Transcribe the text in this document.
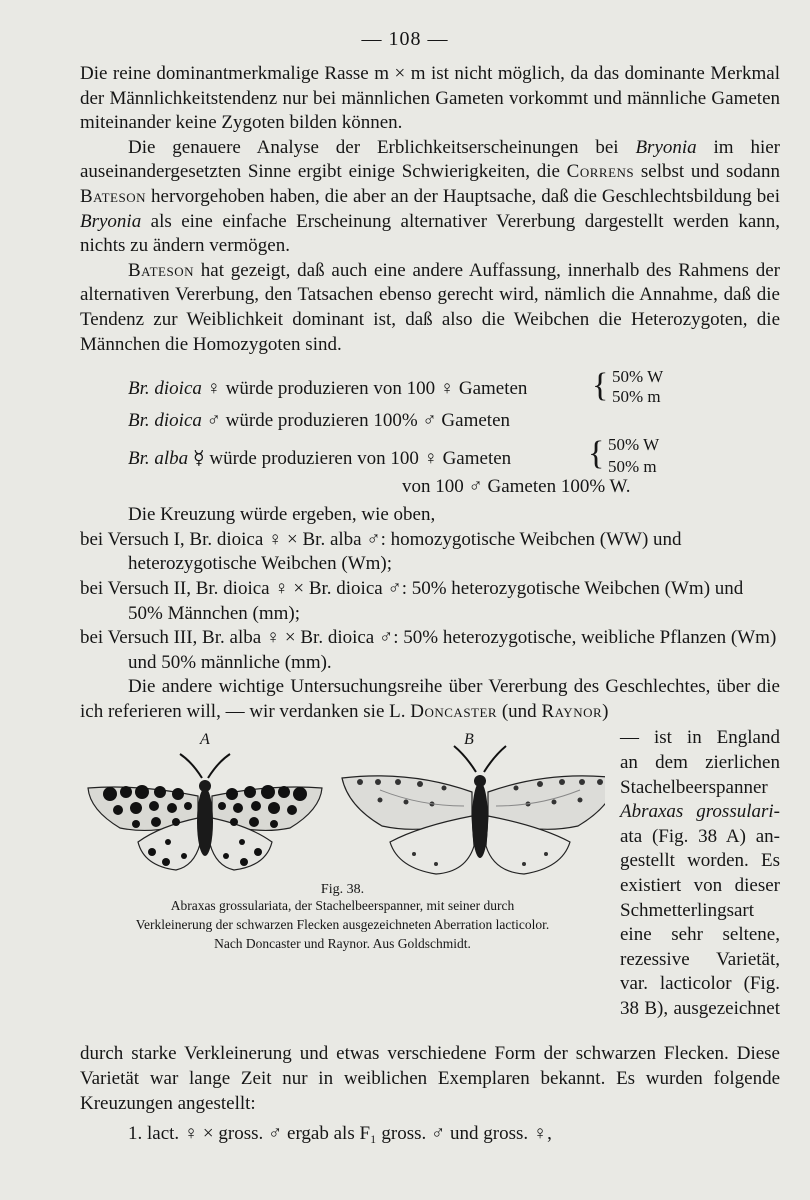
— 108 —

Die reine dominantmerkmalige Rasse m × m ist nicht möglich, da das dominante Merkmal der Männlichkeitstendenz nur bei männlichen Gameten vorkommt und männliche Gameten miteinander keine Zygoten bilden können.

Die genauere Analyse der Erblichkeitserscheinungen bei Bryonia im hier auseinandergesetzten Sinne ergibt einige Schwierigkeiten, die Correns selbst und sodann Bateson hervorgehoben haben, die aber an der Hauptsache, daß die Geschlechtsbildung bei Bryonia als eine einfache Erscheinung alternativer Vererbung dargestellt werden kann, nichts zu ändern vermögen.

Bateson hat gezeigt, daß auch eine andere Auffassung, innerhalb des Rahmens der alternativen Vererbung, den Tatsachen ebenso gerecht wird, nämlich die Annahme, daß die Tendenz zur Weiblichkeit dominant ist, daß also die Weibchen die Heterozygoten, die Männchen die Homozygoten sind.

Br. dioica ♀ würde produzieren von 100 ♀ Gameten { 50% W
50% m
Br. dioica ♂ würde produzieren 100% ♂ Gameten
Br. alba ☿ würde produzieren von 100 ♀ Gameten { 50% W
50% m
von 100 ♂ Gameten 100% W.

Die Kreuzung würde ergeben, wie oben,

bei Versuch I, Br. dioica ♀ × Br. alba ♂: homozygotische Weibchen (WW) und heterozygotische Weibchen (Wm);

bei Versuch II, Br. dioica ♀ × Br. dioica ♂: 50% heterozygotische Weibchen (Wm) und 50% Männchen (mm);

bei Versuch III, Br. alba ♀ × Br. dioica ♂: 50% heterozygotische, weibliche Pflanzen (Wm) und 50% männliche (mm).

Die andere wichtige Untersuchungsreihe über Vererbung des Geschlechtes, über die ich referieren will, — wir verdanken sie L. Doncaster (und Raynor)

A	B
Fig. 38.
Abraxas grossulariata, der Stachelbeerspanner, mit seiner durch
Verkleinerung der schwarzen Flecken ausgezeichneten Aberration lacticolor.
Nach Doncaster und Raynor. Aus Goldschmidt.
— ist in England
an dem zierlichen
Stachelbeerspanner
Abraxas grossulari-
ata (Fig. 38 A) an-
gestellt worden. Es
existiert von dieser
Schmetterlingsart
eine sehr seltene,
rezessive Varietät,
var. lacticolor (Fig.
38 B), ausgezeichnet

durch starke Verkleinerung und etwas verschiedene Form der schwarzen Flecken. Diese Varietät war lange Zeit nur in weiblichen Exemplaren bekannt. Es wurden folgende Kreuzungen angestellt:

1. lact. ♀ × gross. ♂ ergab als F₁ gross. ♂ und gross. ♀,
